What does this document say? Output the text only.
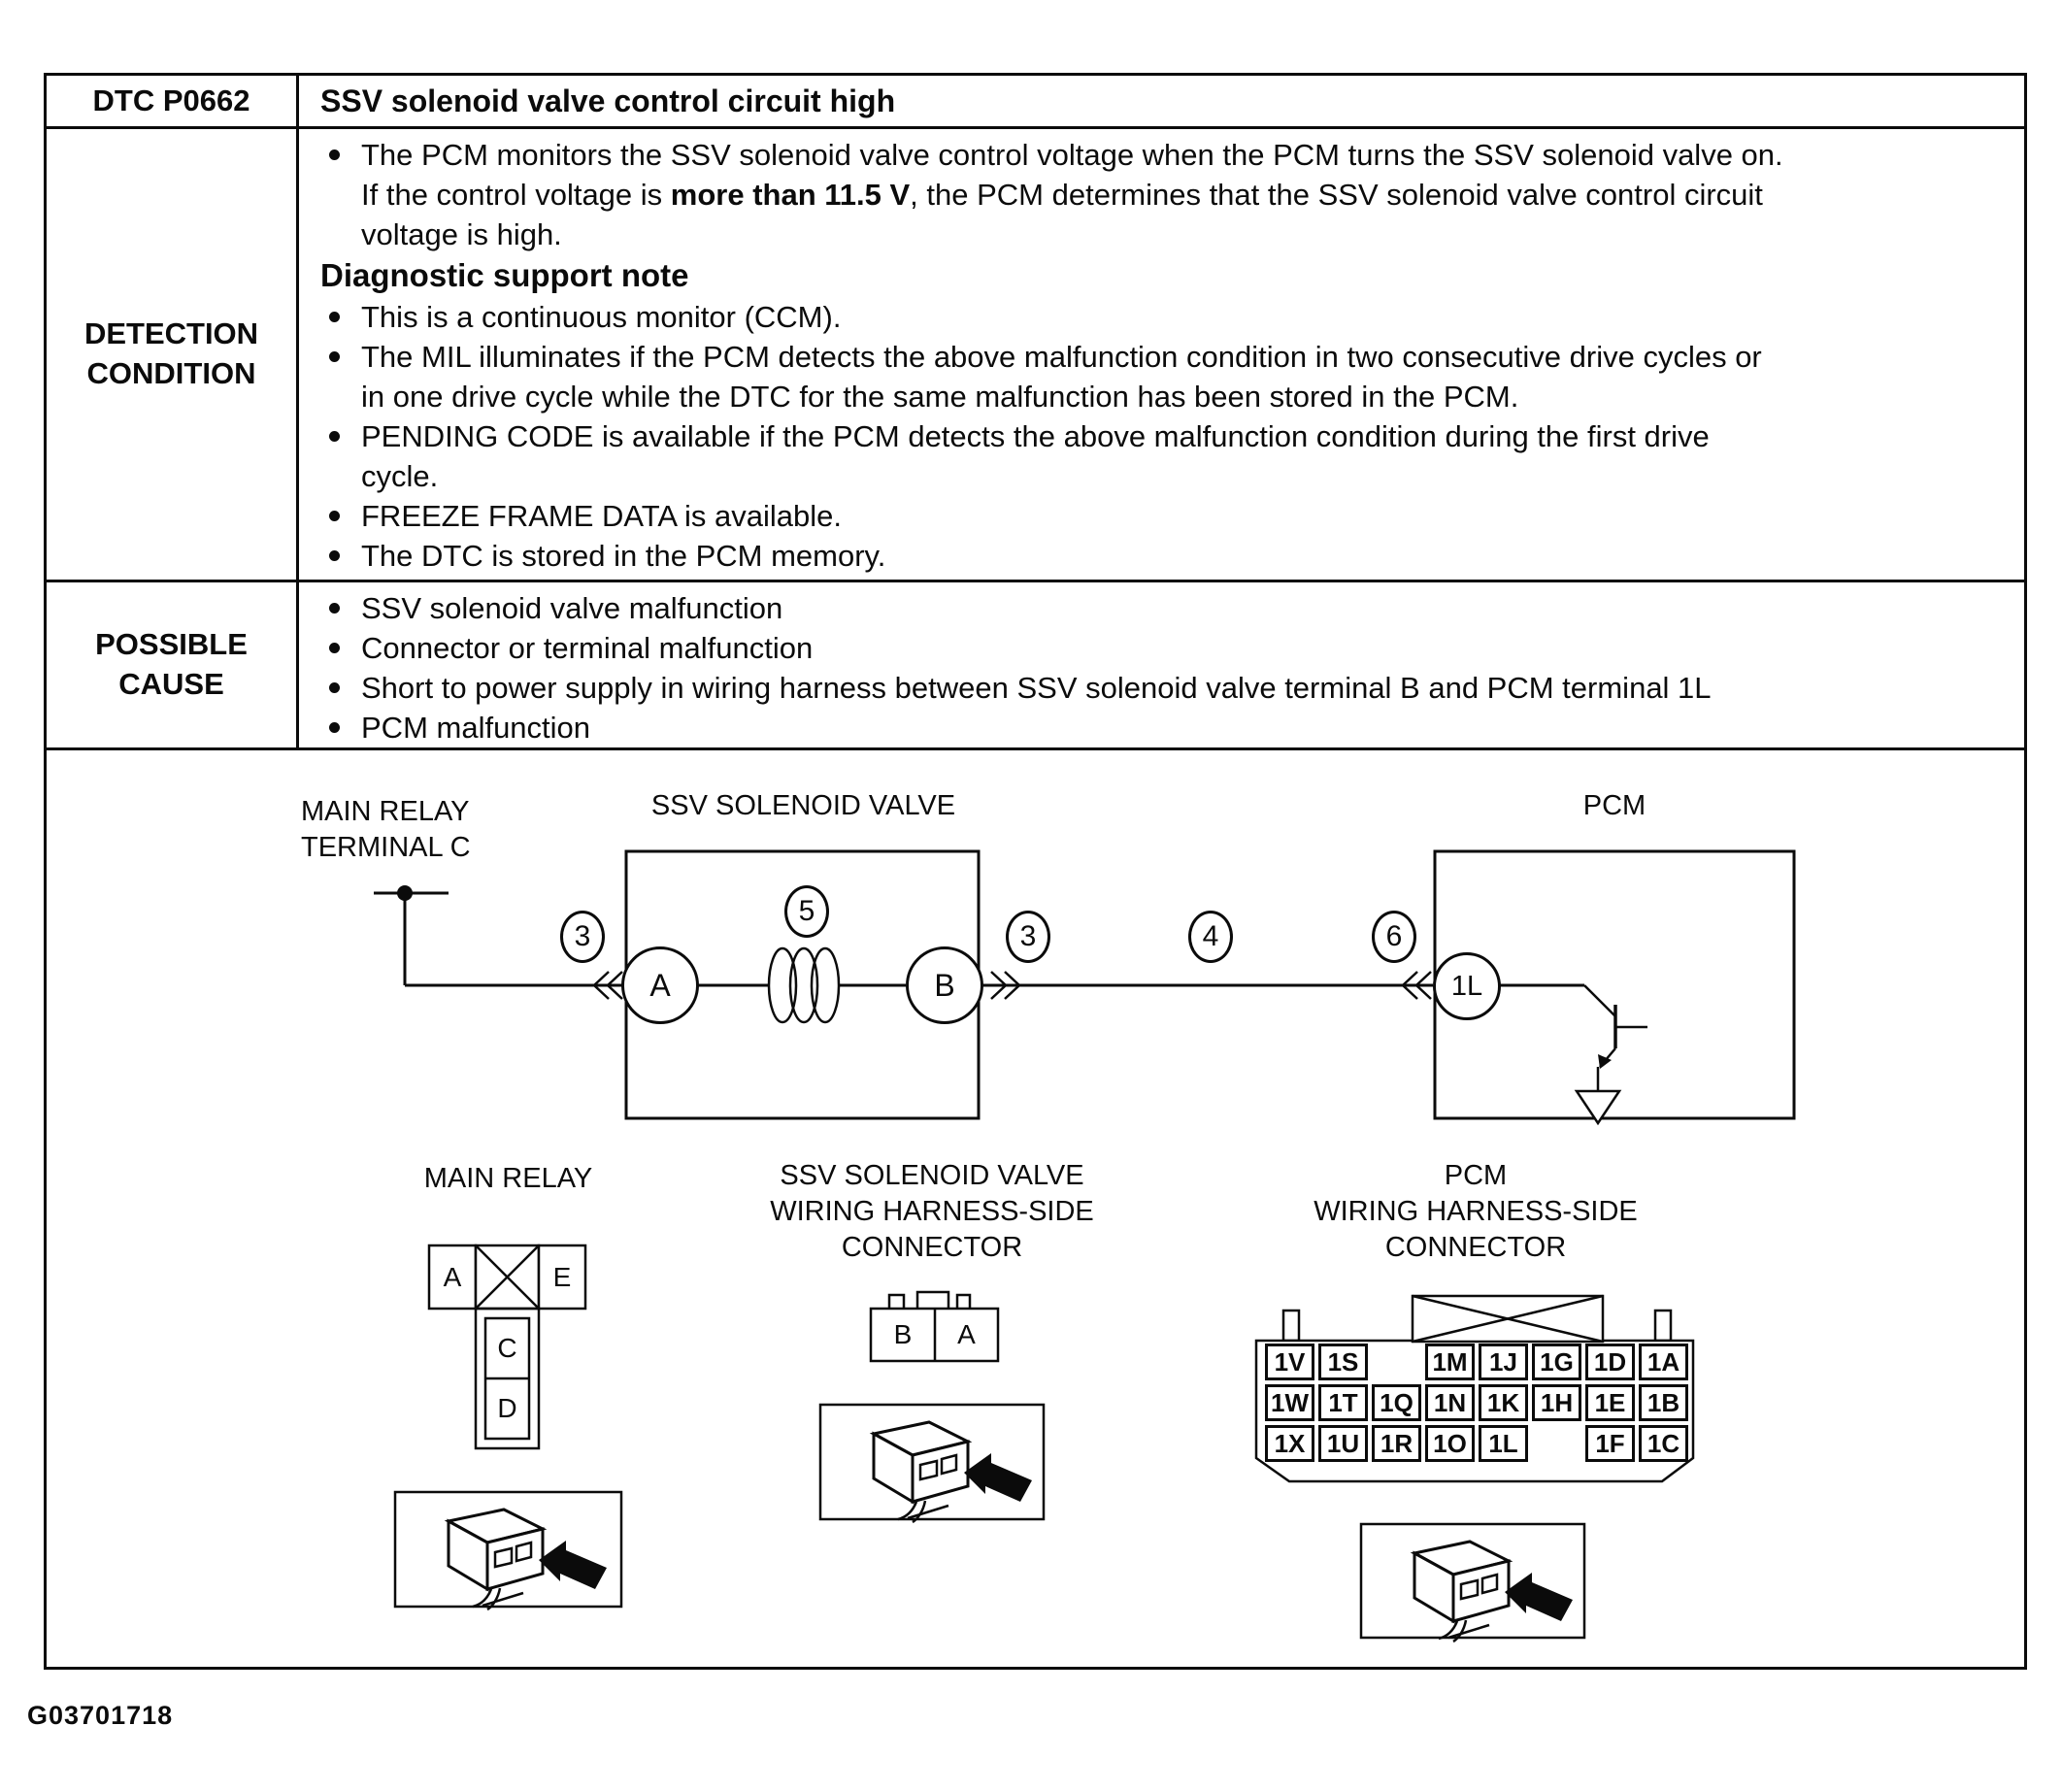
DTC P0662	SSV solenoid valve control circuit high
DETECTION
CONDITION
The PCM monitors the SSV solenoid valve control voltage when the PCM turns the SSV solenoid valve on.
If the control voltage is more than 11.5 V, the PCM determines that the SSV solenoid valve control circuit
voltage is high.
Diagnostic support note
This is a continuous monitor (CCM).
The MIL illuminates if the PCM detects the above malfunction condition in two consecutive drive cycles or
in one drive cycle while the DTC for the same malfunction has been stored in the PCM.
PENDING CODE is available if the PCM detects the above malfunction condition during the first drive
cycle.
FREEZE FRAME DATA is available.
The DTC is stored in the PCM memory.
POSSIBLE
CAUSE
SSV solenoid valve malfunction
Connector or terminal malfunction
Short to power supply in wiring harness between SSV solenoid valve terminal B and PCM terminal 1L
PCM malfunction
MAIN RELAY
TERMINAL C
SSV SOLENOID VALVE	PCM
A	B	1L
3
5
3	4	6
MAIN RELAY	SSV SOLENOID VALVE
WIRING HARNESS-SIDE
CONNECTOR
PCM
WIRING HARNESS-SIDE
CONNECTOR
A	E
C
D
B	A
1V 1S	1M 1J 1G 1D 1A
1W 1T 1Q 1N 1K 1H 1E 1B
1X 1U 1R 1O 1L	1F 1C
G03701718
